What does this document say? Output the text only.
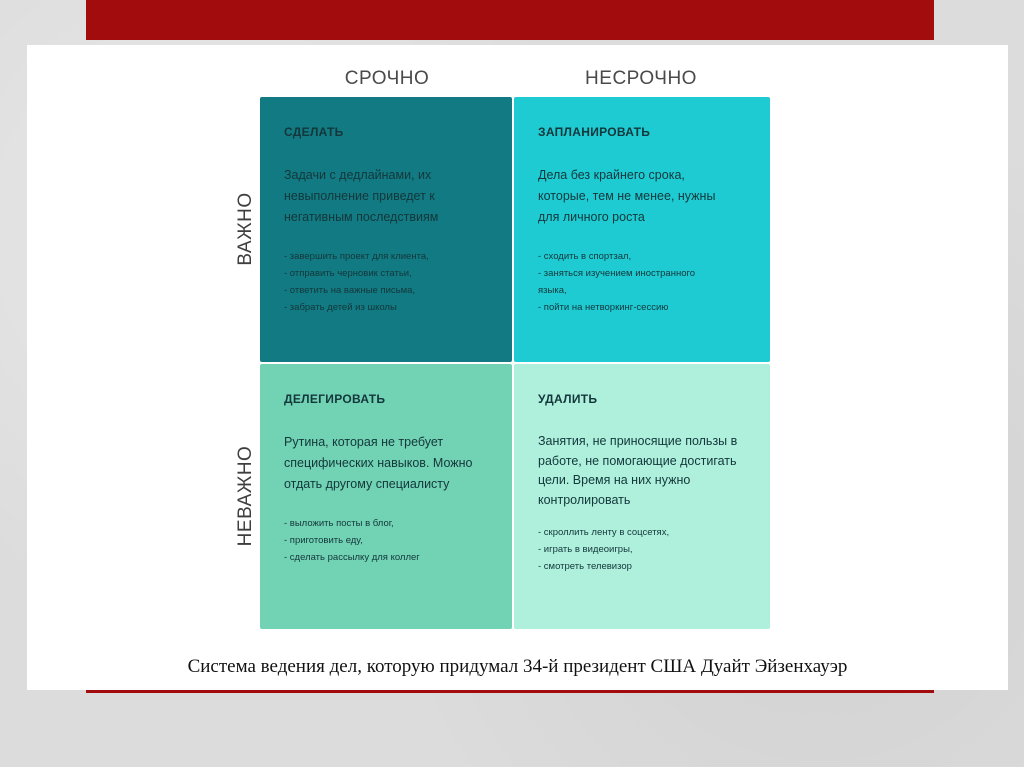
СРОЧНО	НЕСРОЧНО
ВАЖНО
НЕВАЖНО
СДЕЛАТЬ
Задачи с дедлайнами, их невыполнение приведет к негативным последствиям
- завершить проект для клиента,
- отправить черновик статьи,
- ответить на важные письма,
- забрать детей из школы
ЗАПЛАНИРОВАТЬ
Дела без крайнего срока, которые, тем не менее, нужны для личного роста
- сходить в спортзал,
- заняться изучением иностранного языка,
- пойти на нетворкинг-сессию
ДЕЛЕГИРОВАТЬ
Рутина, которая не требует специфических навыков. Можно отдать другому специалисту
- выложить посты в блог,
- приготовить еду,
- сделать рассылку для коллег
УДАЛИТЬ
Занятия, не приносящие пользы в работе, не помогающие достигать цели. Время на них нужно контролировать
- скроллить ленту в соцсетях,
- играть в видеоигры,
- смотреть телевизор
Система ведения дел, которую придумал 34-й президент США Дуайт Эйзенхауэр
